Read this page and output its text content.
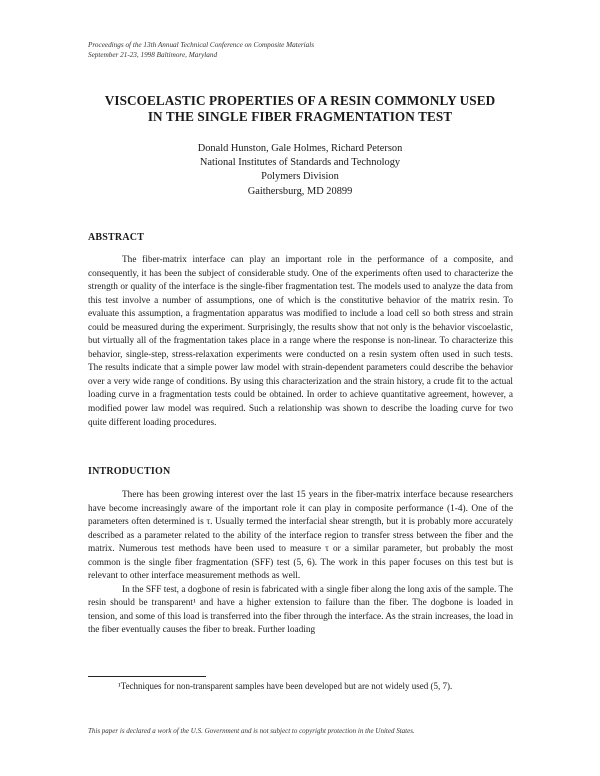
Proceedings of the 13th Annual Technical Conference on Composite Materials
September 21-23, 1998 Baltimore, Maryland
VISCOELASTIC PROPERTIES OF A RESIN COMMONLY USED
IN THE SINGLE FIBER FRAGMENTATION TEST
Donald Hunston, Gale Holmes, Richard Peterson
National Institutes of Standards and Technology
Polymers Division
Gaithersburg, MD 20899
ABSTRACT

The fiber-matrix interface can play an important role in the performance of a composite, and consequently, it has been the subject of considerable study. One of the experiments often used to characterize the strength or quality of the interface is the single-fiber fragmentation test. The models used to analyze the data from this test involve a number of assumptions, one of which is the constitutive behavior of the matrix resin. To evaluate this assumption, a fragmentation apparatus was modified to include a load cell so both stress and strain could be measured during the experiment. Surprisingly, the results show that not only is the behavior viscoelastic, but virtually all of the fragmentation takes place in a range where the response is non-linear. To characterize this behavior, single-step, stress-relaxation experiments were conducted on a resin system often used in such tests. The results indicate that a simple power law model with strain-dependent parameters could describe the behavior over a very wide range of conditions. By using this characterization and the strain history, a crude fit to the actual loading curve in a fragmentation tests could be obtained. In order to achieve quantitative agreement, however, a modified power law model was required. Such a relationship was shown to describe the loading curve for two quite different loading procedures.

INTRODUCTION

There has been growing interest over the last 15 years in the fiber-matrix interface because researchers have become increasingly aware of the important role it can play in composite performance (1-4). One of the parameters often determined is τ. Usually termed the interfacial shear strength, but it is probably more accurately described as a parameter related to the ability of the interface region to transfer stress between the fiber and the matrix. Numerous test methods have been used to measure τ or a similar parameter, but probably the most common is the single fiber fragmentation (SFF) test (5, 6). The work in this paper focuses on this test but is relevant to other interface measurement methods as well.

In the SFF test, a dogbone of resin is fabricated with a single fiber along the long axis of the sample. The resin should be transparent¹ and have a higher extension to failure than the fiber. The dogbone is loaded in tension, and some of this load is transferred into the fiber through the interface. As the strain increases, the load in the fiber eventually causes the fiber to break. Further loading

¹Techniques for non-transparent samples have been developed but are not widely used (5, 7).
This paper is declared a work of the U.S. Government and is not subject to copyright protection in the United States.
